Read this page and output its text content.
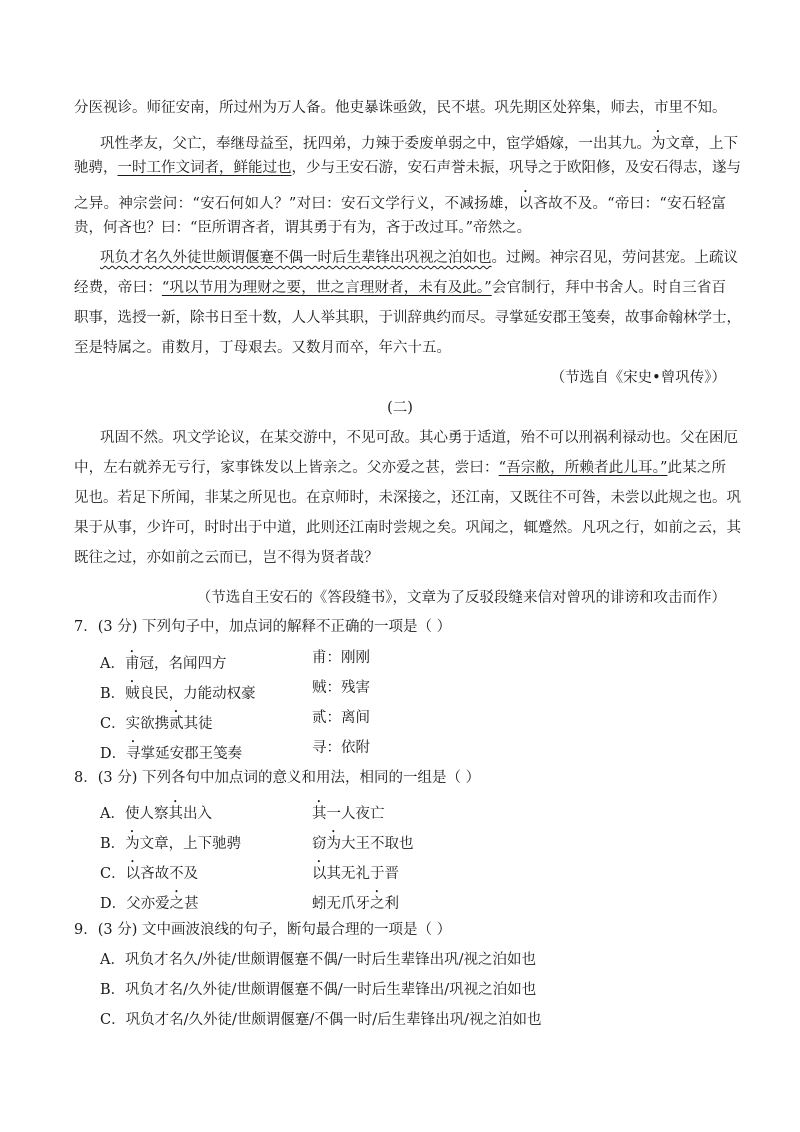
分医视诊。师征安南，所过州为万人备。他吏暴诛亟敛，民不堪。巩先期区处猝集，师去，市里不知。
巩性孝友，父亡，奉继母益至，抚四弟，力辣于委废单弱之中，宦学婚嫁，一出其九。为文章，上下
驰骋，一时工作文词者，鲜能过也，少与王安石游，安石声誉未振，巩导之于欧阳修，及安石得志，遂与
之异。神宗尝问：“安石何如人？”对曰：安石文学行义，不减扬雄，以吝故不及。“帝曰：“安石轻富
贵，何吝也？曰：“臣所谓吝者，谓其勇于有为，吝于改过耳。”帝然之。
巩负才名久外徒世颇谓偃蹇不偶一时后生辈锋出巩视之泊如也。过阙。神宗召见，劳问甚宠。上疏议
经费，帝曰：“巩以节用为理财之要，世之言理财者，未有及此。”会官制行，拜中书舍人。时自三省百
职事，选授一新，除书日至十数，人人举其职，于训辞典约而尽。寻掌延安郡王笺奏，故事命翰林学士，
至是特属之。甫数月，丁母艰去。又数月而卒，年六十五。
（节选自《宋史•曾巩传》）
(二)
巩固不然。巩文学论议，在某交游中，不见可敌。其心勇于适道，殆不可以刑祸利禄动也。父在困厄
中，左右就养无亏行，家事铢发以上皆亲之。父亦爱之甚，尝曰：“吾宗敝，所赖者此儿耳。”此某之所
见也。若足下所闻，非某之所见也。在京师时，未深接之，还江南，又既往不可咎，未尝以此规之也。巩
果于从事，少许可，时时出于中道，此则还江南时尝规之矣。巩闻之，辄蹙然。凡巩之行，如前之云，其
既往之过，亦如前之云而已，岂不得为贤者哉？
（节选自王安石的《答段缝书》，文章为了反驳段缝来信对曾巩的诽谤和攻击而作）
7．(3 分) 下列句子中，加点词的解释不正确的一项是（ ）
A．甫冠，名闻四方	甫：刚刚
B．贼良民，力能动权豪	贼：残害
C．实欲携贰其徒	贰：离间
D．寻掌延安郡王笺奏	寻：依附
8．(3 分) 下列各句中加点词的意义和用法，相同的一组是（ ）
A．使人察其出入	其一人夜亡
B．为文章，上下驰骋	窃为大王不取也
C．以吝故不及	以其无礼于晋
D．父亦爱之甚	蚓无爪牙之利
9．(3 分) 文中画波浪线的句子，断句最合理的一项是（ ）
A．巩负才名久/外徒/世颇谓偃蹇不偶/一时后生辈锋出巩/视之泊如也
B．巩负才名/久外徒/世颇谓偃蹇不偶/一时后生辈锋出/巩视之泊如也
C．巩负才名/久外徒/世颇谓偃蹇/不偶一时/后生辈锋出巩/视之泊如也
